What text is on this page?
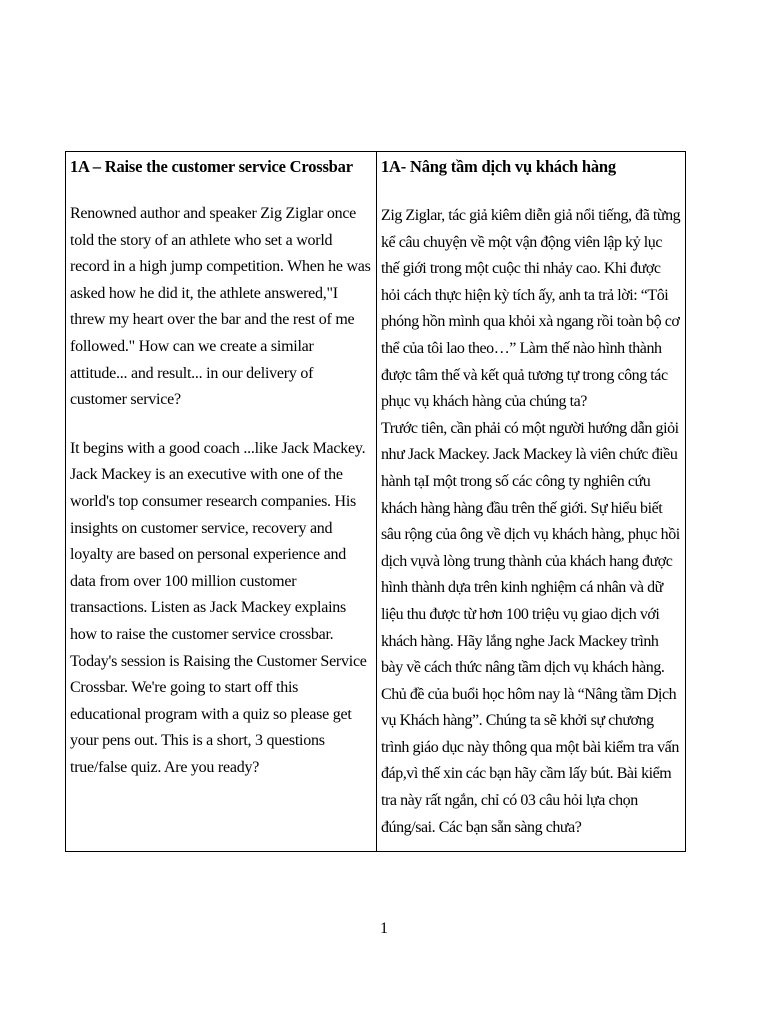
1A – Raise the customer service Crossbar

Renowned author and speaker Zig Ziglar once told the story of an athlete who set a world record in a high jump competition. When he was asked how he did it, the athlete answered,"I threw my heart over the bar and the rest of me followed." How can we create a similar attitude... and result... in our delivery of customer service?

It begins with a good coach ...like Jack Mackey. Jack Mackey is an executive with one of the world's top consumer research companies. His insights on customer service, recovery and loyalty are based on personal experience and data from over 100 million customer transactions. Listen as Jack Mackey explains how to raise the customer service crossbar. Today's session is Raising the Customer Service Crossbar. We're going to start off this educational program with a quiz so please get your pens out. This is a short, 3 questions true/false quiz. Are you ready?

1A- Nâng tầm dịch vụ khách hàng

Zig Ziglar, tác giả kiêm diễn giả nổi tiếng, đã từng kể câu chuyện về một vận động viên lập kỷ lục thế giới trong một cuộc thi nhảy cao. Khi được hỏi cách thực hiện kỳ tích ấy, anh ta trả lời: “Tôi phóng hồn mình qua khỏi xà ngang rồi toàn bộ cơ thể của tôi lao theo…” Làm thế nào hình thành được tâm thế và kết quả tương tự trong công tác phục vụ khách hàng của chúng ta?

Trước tiên, cần phải có một người hướng dẫn giỏi như Jack Mackey. Jack Mackey là viên chức điều hành tạI một trong số các công ty nghiên cứu khách hàng hàng đầu trên thế giới. Sự hiểu biết sâu rộng của ông về dịch vụ khách hàng, phục hồi dịch vụvà lòng trung thành của khách hang được hình thành dựa trên kinh nghiệm cá nhân và dữ liệu thu được từ hơn 100 triệu vụ giao dịch với khách hàng. Hãy lắng nghe Jack Mackey trình bày về cách thức nâng tầm dịch vụ khách hàng. Chủ đề của buổi học hôm nay là “Nâng tầm Dịch vụ Khách hàng”. Chúng ta sẽ khởi sự chương trình giáo dục này thông qua một bài kiểm tra vấn đáp,vì thế xin các bạn hãy cầm lấy bút. Bài kiểm tra này rất ngắn, chỉ có 03 câu hỏi lựa chọn đúng/sai. Các bạn sẵn sàng chưa?

1
